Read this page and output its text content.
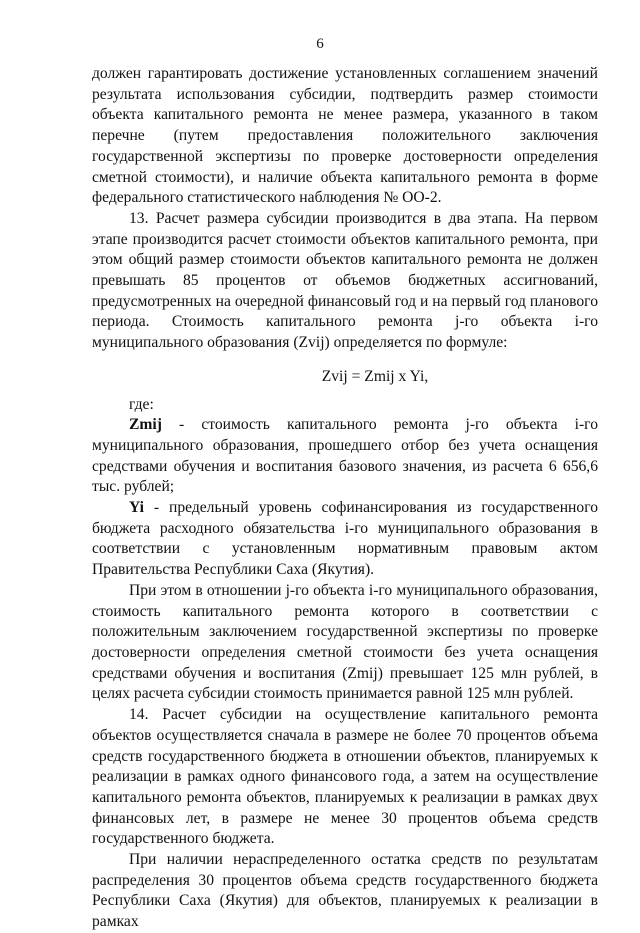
6

должен гарантировать достижение установленных соглашением значений результата использования субсидии, подтвердить размер стоимости объекта капитального ремонта не менее размера, указанного в таком перечне (путем предоставления положительного заключения государственной экспертизы по проверке достоверности определения сметной стоимости), и наличие объекта капитального ремонта в форме федерального статистического наблюдения № ОО-2.

13. Расчет размера субсидии производится в два этапа. На первом этапе производится расчет стоимости объектов капитального ремонта, при этом общий размер стоимости объектов капитального ремонта не должен превышать 85 процентов от объемов бюджетных ассигнований, предусмотренных на очередной финансовый год и на первый год планового периода. Стоимость капитального ремонта j-го объекта i-го муниципального образования (Zvij) определяется по формуле:

Zvij = Zmij x Yi,

где:

Zmij - стоимость капитального ремонта j-го объекта i-го муниципального образования, прошедшего отбор без учета оснащения средствами обучения и воспитания базового значения, из расчета 6 656,6 тыс. рублей;

Yi - предельный уровень софинансирования из государственного бюджета расходного обязательства i-го муниципального образования в соответствии с установленным нормативным правовым актом Правительства Республики Саха (Якутия).

При этом в отношении j-го объекта i-го муниципального образования, стоимость капитального ремонта которого в соответствии с положительным заключением государственной экспертизы по проверке достоверности определения сметной стоимости без учета оснащения средствами обучения и воспитания (Zmij) превышает 125 млн рублей, в целях расчета субсидии стоимость принимается равной 125 млн рублей.

14. Расчет субсидии на осуществление капитального ремонта объектов осуществляется сначала в размере не более 70 процентов объема средств государственного бюджета в отношении объектов, планируемых к реализации в рамках одного финансового года, а затем на осуществление капитального ремонта объектов, планируемых к реализации в рамках двух финансовых лет, в размере не менее 30 процентов объема средств государственного бюджета.

При наличии нераспределенного остатка средств по результатам распределения 30 процентов объема средств государственного бюджета Республики Саха (Якутия) для объектов, планируемых к реализации в рамках
